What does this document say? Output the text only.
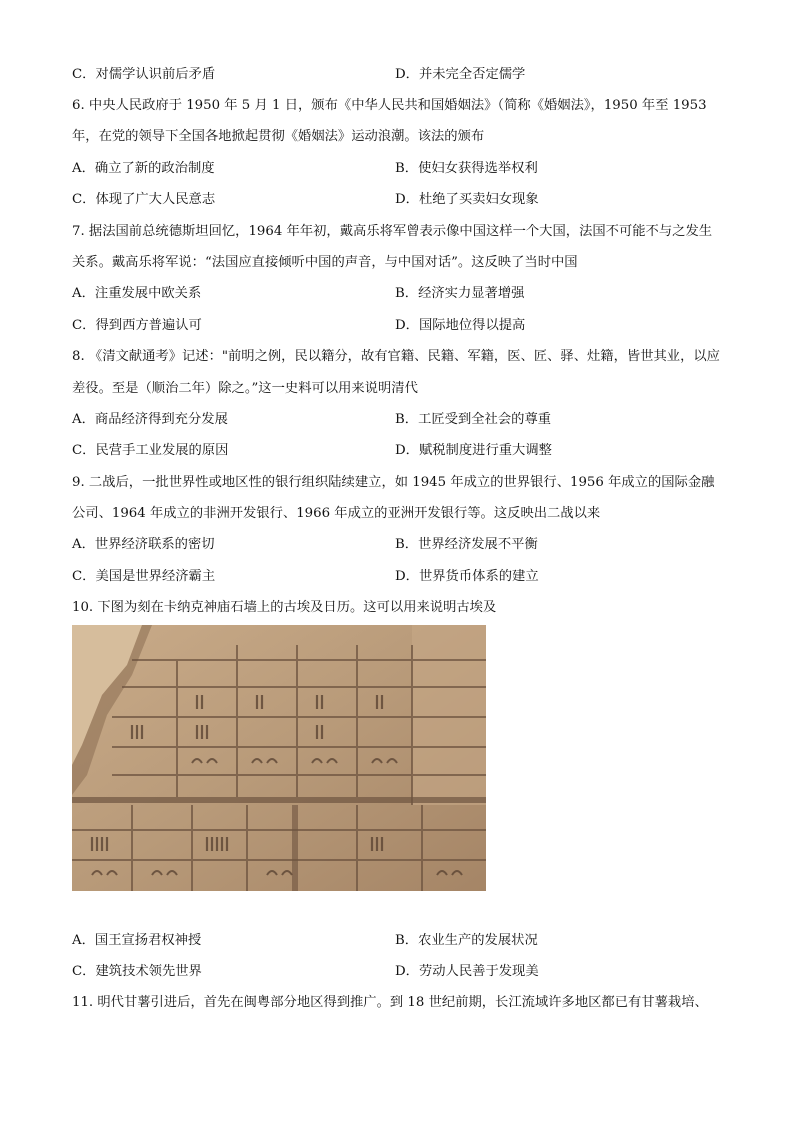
C．对儒学认识前后矛盾	D．并未完全否定儒学
6. 中央人民政府于 1950 年 5 月 1 日，颁布《中华人民共和国婚姻法》（简称《婚姻法》，1950 年至 1953
年，在党的领导下全国各地掀起贯彻《婚姻法》运动浪潮。该法的颁布
A．确立了新的政治制度	B．使妇女获得选举权利
C．体现了广大人民意志	D．杜绝了买卖妇女现象
7. 据法国前总统德斯坦回忆，1964 年年初，戴高乐将军曾表示像中国这样一个大国，法国不可能不与之发生
关系。戴高乐将军说：“法国应直接倾听中国的声音，与中国对话”。这反映了当时中国
A．注重发展中欧关系	B．经济实力显著增强
C．得到西方普遍认可	D．国际地位得以提高
8. 《清文献通考》记述："前明之例，民以籍分，故有官籍、民籍、军籍，医、匠、驿、灶籍，皆世其业，以应
差役。至是（顺治二年）除之。”这一史料可以用来说明清代
A．商品经济得到充分发展	B．工匠受到全社会的尊重
C．民营手工业发展的原因	D．赋税制度进行重大调整
9. 二战后，一批世界性或地区性的银行组织陆续建立，如 1945 年成立的世界银行、1956 年成立的国际金融
公司、1964 年成立的非洲开发银行、1966 年成立的亚洲开发银行等。这反映出二战以来
A．世界经济联系的密切	B．世界经济发展不平衡
C．美国是世界经济霸主	D．世界货币体系的建立
10. 下图为刻在卡纳克神庙石墙上的古埃及日历。这可以用来说明古埃及
A．国王宣扬君权神授	B．农业生产的发展状况
C．建筑技术领先世界	D．劳动人民善于发现美
11. 明代甘薯引进后，首先在闽粤部分地区得到推广。到 18 世纪前期，长江流域许多地区都已有甘薯栽培、
